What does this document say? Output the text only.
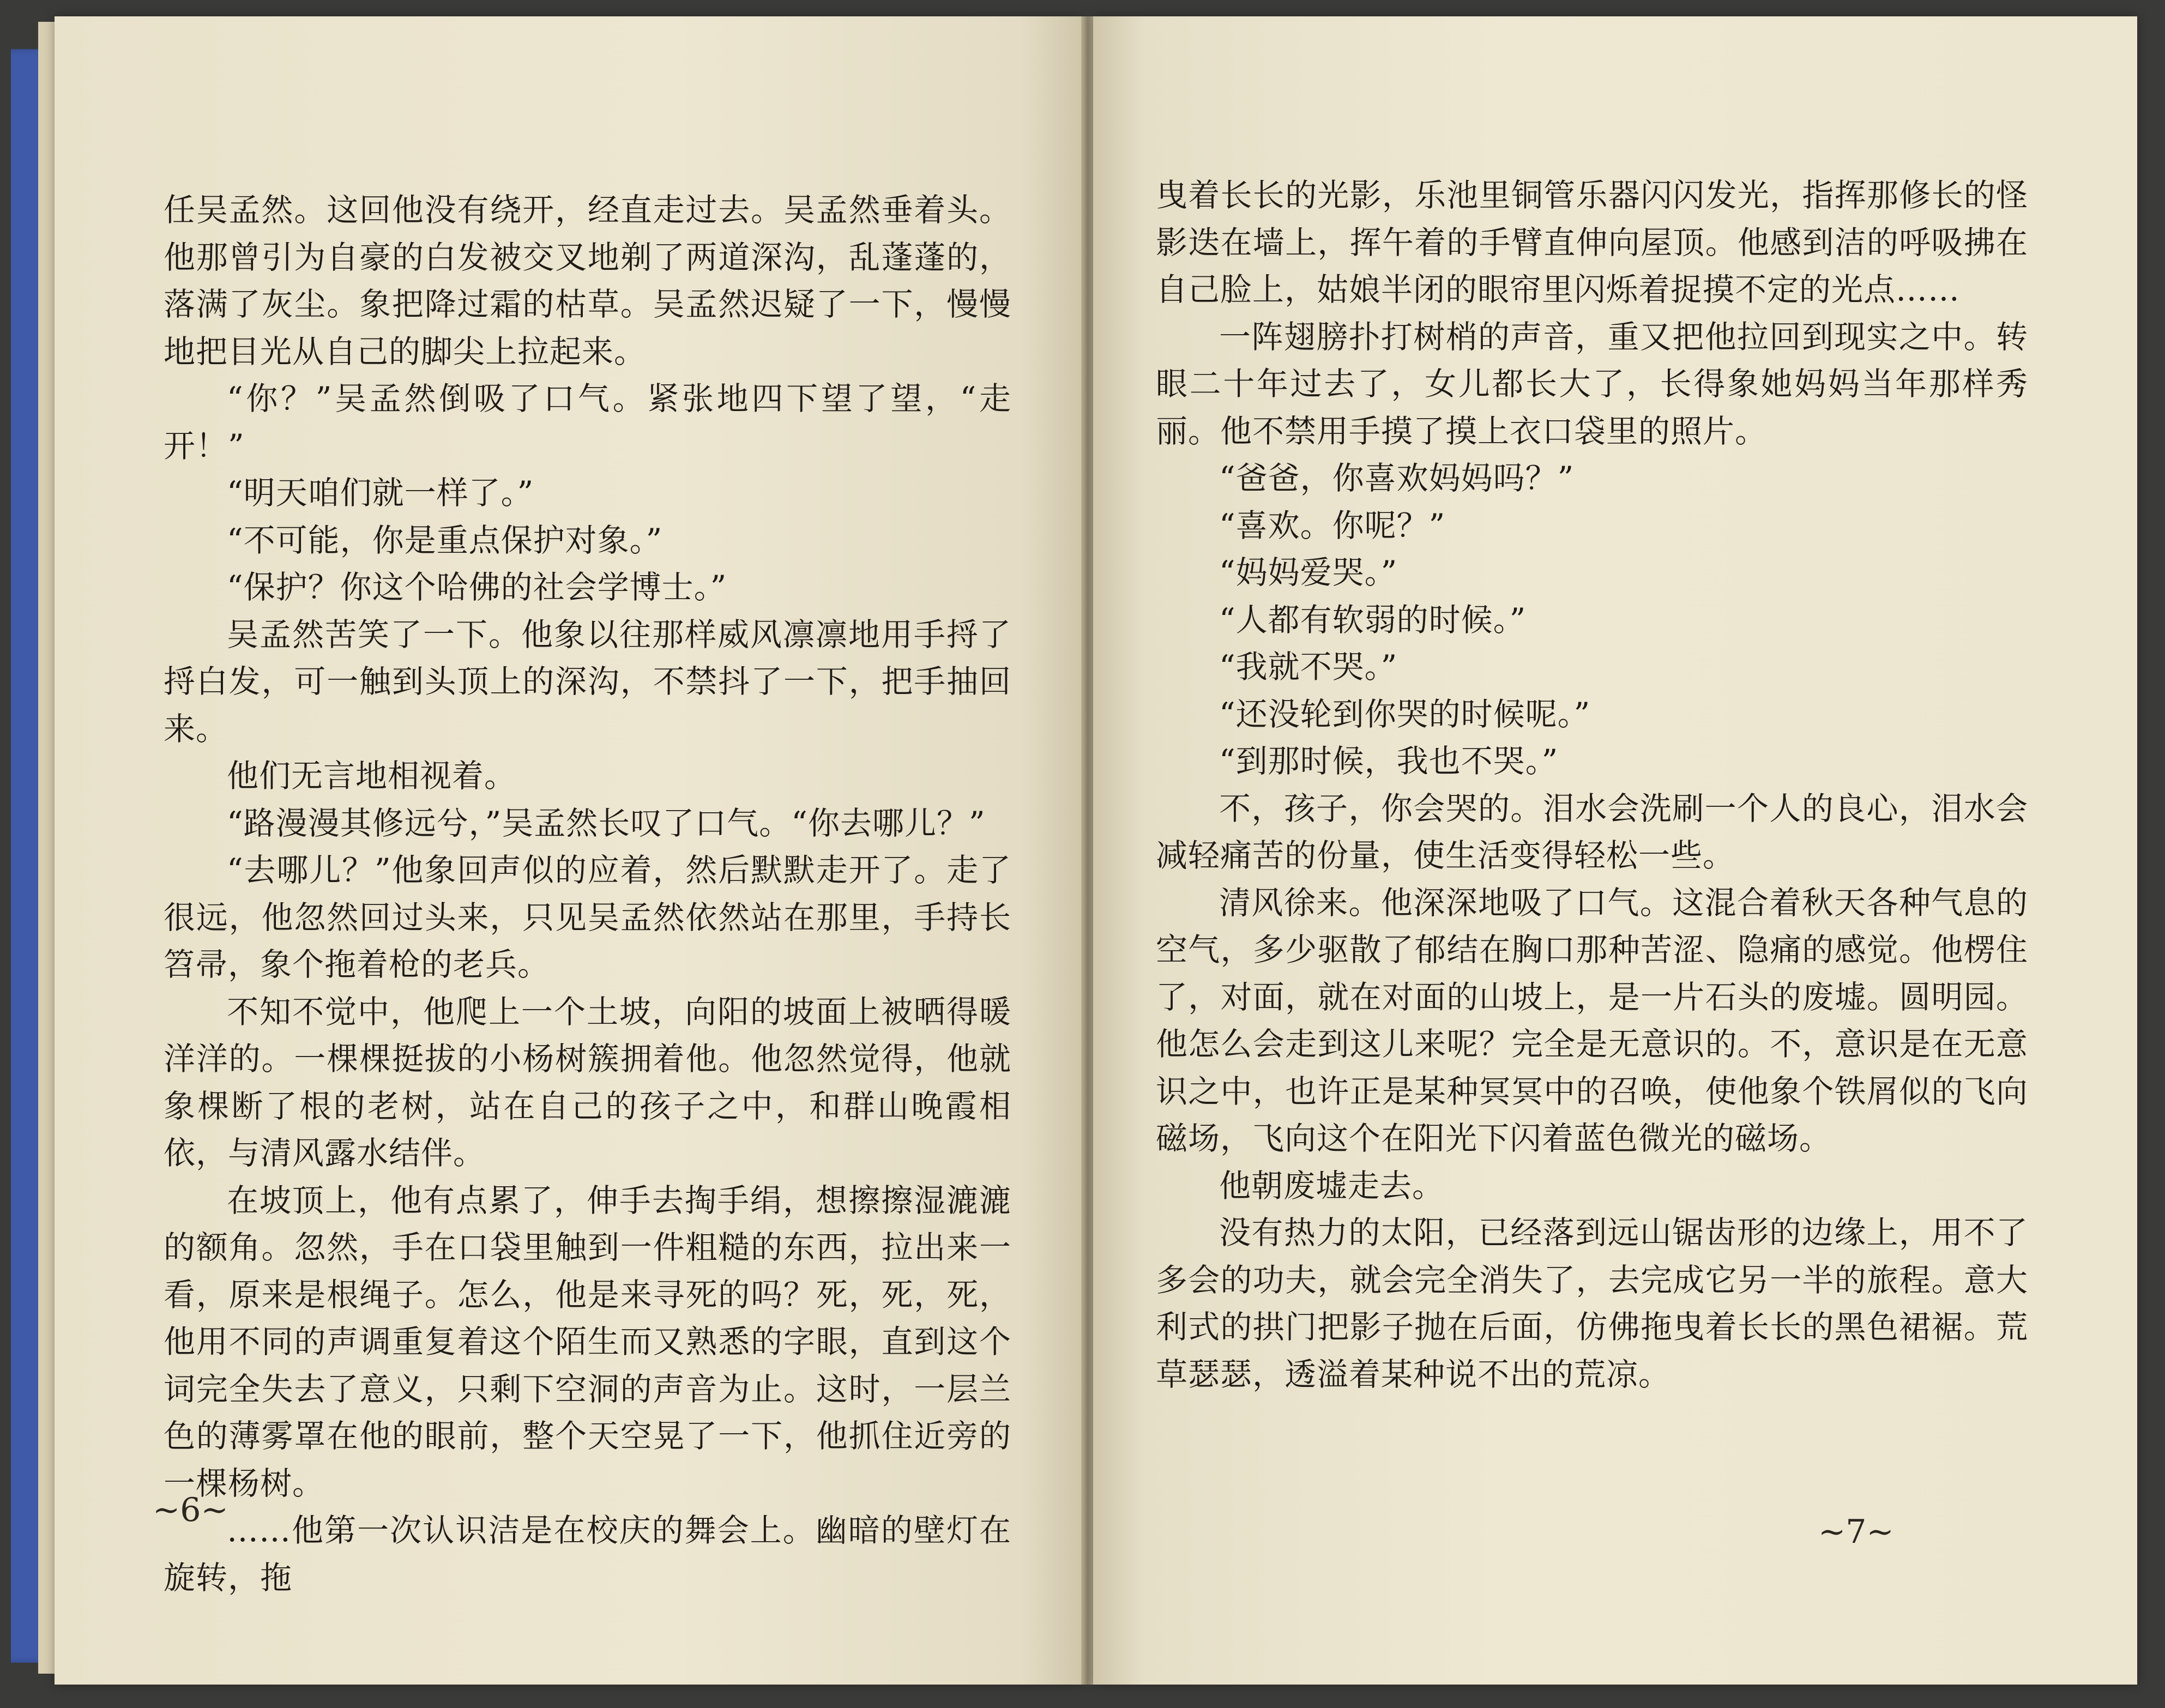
任吴孟然。这回他没有绕开，经直走过去。吴孟然垂着头。他那曾引为自豪的白发被交叉地剃了两道深沟，乱蓬蓬的，落满了灰尘。象把降过霜的枯草。吴孟然迟疑了一下，慢慢地把目光从自己的脚尖上拉起来。

“你？”吴孟然倒吸了口气。紧张地四下望了望，“走开！”

“明天咱们就一样了。”

“不可能，你是重点保护对象。”

“保护？你这个哈佛的社会学博士。”

吴孟然苦笑了一下。他象以往那样威风凛凛地用手捋了捋白发，可一触到头顶上的深沟，不禁抖了一下，把手抽回来。

他们无言地相视着。

“路漫漫其修远兮，”吴孟然长叹了口气。“你去哪儿？”

“去哪儿？”他象回声似的应着，然后默默走开了。走了很远，他忽然回过头来，只见吴孟然依然站在那里，手持长笤帚，象个拖着枪的老兵。

不知不觉中，他爬上一个土坡，向阳的坡面上被晒得暖洋洋的。一棵棵挺拔的小杨树簇拥着他。他忽然觉得，他就象棵断了根的老树，站在自己的孩子之中，和群山晚霞相依，与清风露水结伴。

在坡顶上，他有点累了，伸手去掏手绢，想擦擦湿漉漉的额角。忽然，手在口袋里触到一件粗糙的东西，拉出来一看，原来是根绳子。怎么，他是来寻死的吗？死，死，死，他用不同的声调重复着这个陌生而又熟悉的字眼，直到这个词完全失去了意义，只剩下空洞的声音为止。这时，一层兰色的薄雾罩在他的眼前，整个天空晃了一下，他抓住近旁的一棵杨树。

……他第一次认识洁是在校庆的舞会上。幽暗的壁灯在旋转，拖

~6~

曳着长长的光影，乐池里铜管乐器闪闪发光，指挥那修长的怪影迭在墙上，挥午着的手臂直伸向屋顶。他感到洁的呼吸拂在自己脸上，姑娘半闭的眼帘里闪烁着捉摸不定的光点……

一阵翅膀扑打树梢的声音，重又把他拉回到现实之中。转眼二十年过去了，女儿都长大了，长得象她妈妈当年那样秀丽。他不禁用手摸了摸上衣口袋里的照片。

“爸爸，你喜欢妈妈吗？”

“喜欢。你呢？”

“妈妈爱哭。”

“人都有软弱的时候。”

“我就不哭。”

“还没轮到你哭的时候呢。”

“到那时候，我也不哭。”

不，孩子，你会哭的。泪水会洗刷一个人的良心，泪水会减轻痛苦的份量，使生活变得轻松一些。

清风徐来。他深深地吸了口气。这混合着秋天各种气息的空气，多少驱散了郁结在胸口那种苦涩、隐痛的感觉。他楞住了，对面，就在对面的山坡上，是一片石头的废墟。圆明园。他怎么会走到这儿来呢？完全是无意识的。不，意识是在无意识之中，也许正是某种冥冥中的召唤，使他象个铁屑似的飞向磁场，飞向这个在阳光下闪着蓝色微光的磁场。

他朝废墟走去。

没有热力的太阳，已经落到远山锯齿形的边缘上，用不了多会的功夫，就会完全消失了，去完成它另一半的旅程。意大利式的拱门把影子抛在后面，仿佛拖曳着长长的黑色裙裾。荒草瑟瑟，透溢着某种说不出的荒凉。

~7~
